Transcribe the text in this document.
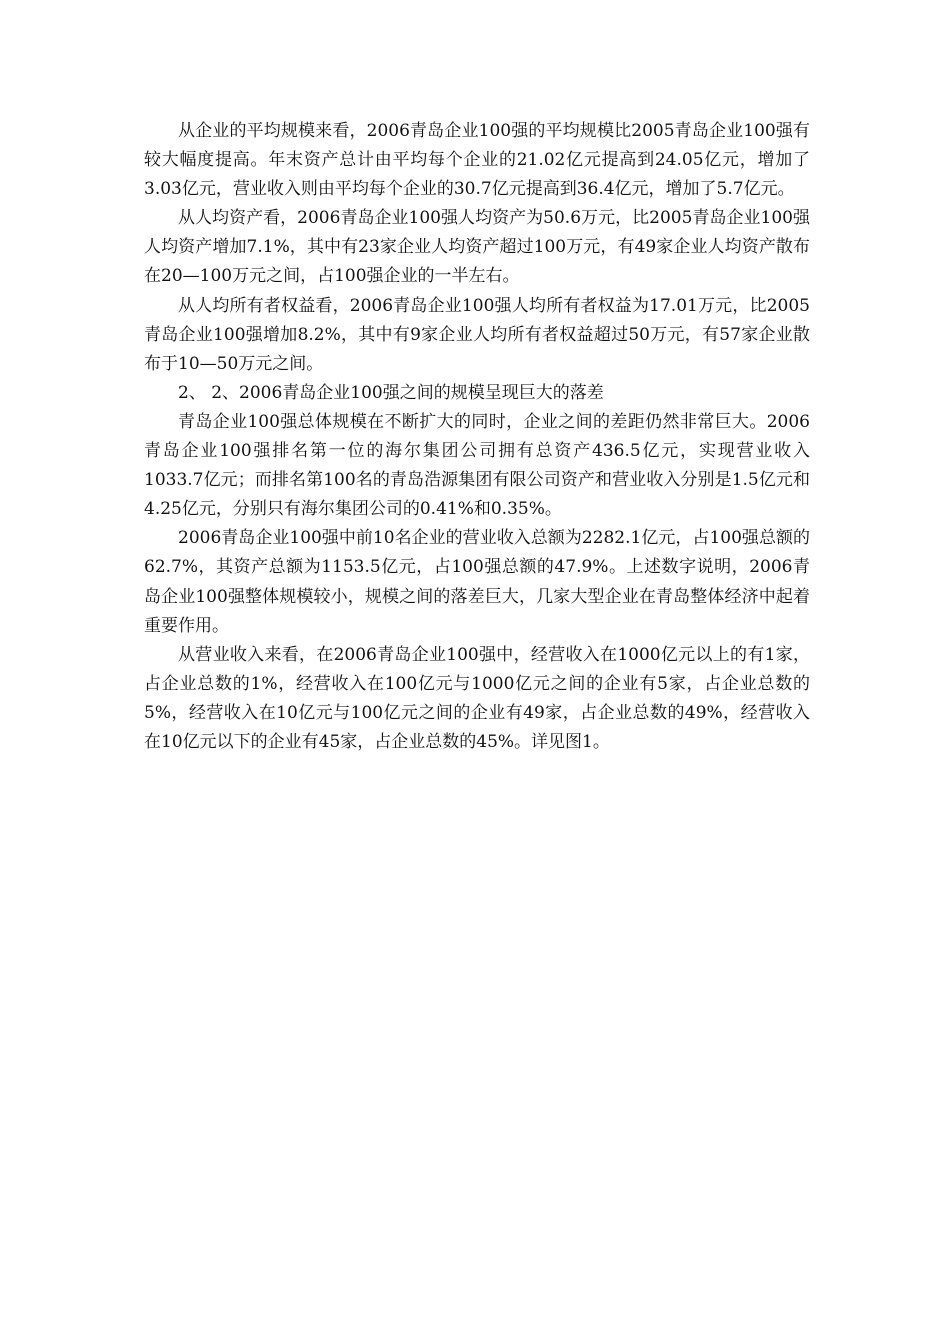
从企业的平均规模来看，2006青岛企业100强的平均规模比2005青岛企业100强有较大幅度提高。年末资产总计由平均每个企业的21.02亿元提高到24.05亿元，增加了3.03亿元，营业收入则由平均每个企业的30.7亿元提高到36.4亿元，增加了5.7亿元。

从人均资产看，2006青岛企业100强人均资产为50.6万元，比2005青岛企业100强人均资产增加7.1%，其中有23家企业人均资产超过100万元，有49家企业人均资产散布在20—100万元之间，占100强企业的一半左右。

从人均所有者权益看，2006青岛企业100强人均所有者权益为17.01万元，比2005青岛企业100强增加8.2%，其中有9家企业人均所有者权益超过50万元，有57家企业散布于10—50万元之间。

2、 2、2006青岛企业100强之间的规模呈现巨大的落差

青岛企业100强总体规模在不断扩大的同时，企业之间的差距仍然非常巨大。2006青岛企业100强排名第一位的海尔集团公司拥有总资产436.5亿元，实现营业收入1033.7亿元；而排名第100名的青岛浩源集团有限公司资产和营业收入分别是1.5亿元和4.25亿元，分别只有海尔集团公司的0.41%和0.35%。

2006青岛企业100强中前10名企业的营业收入总额为2282.1亿元，占100强总额的62.7%，其资产总额为1153.5亿元，占100强总额的47.9%。上述数字说明，2006青岛企业100强整体规模较小，规模之间的落差巨大，几家大型企业在青岛整体经济中起着重要作用。

从营业收入来看，在2006青岛企业100强中，经营收入在1000亿元以上的有1家，占企业总数的1%，经营收入在100亿元与1000亿元之间的企业有5家，占企业总数的5%，经营收入在10亿元与100亿元之间的企业有49家，占企业总数的49%，经营收入在10亿元以下的企业有45家，占企业总数的45%。详见图1。
